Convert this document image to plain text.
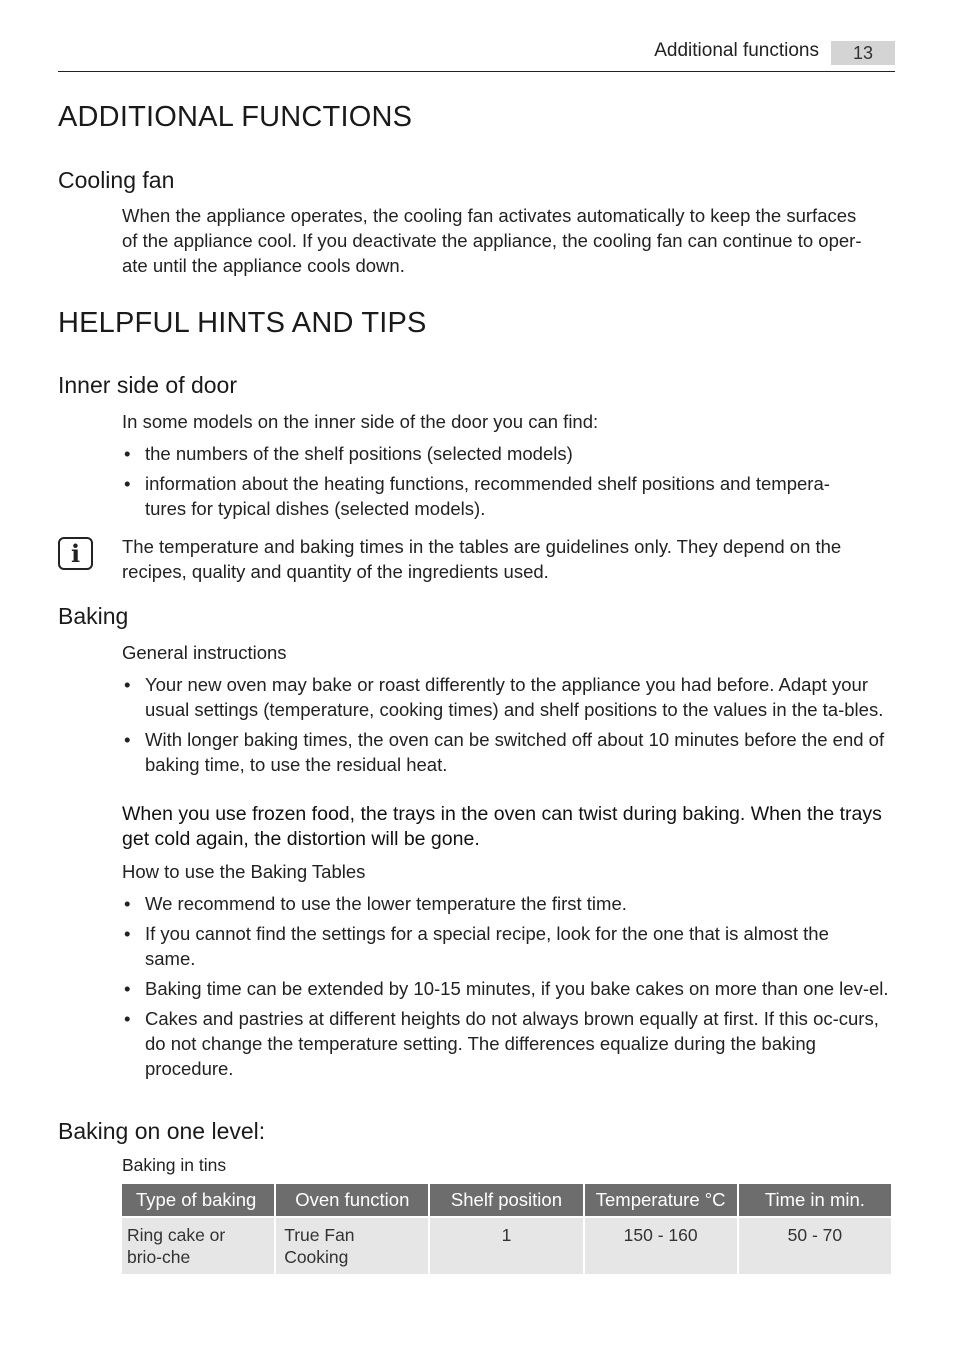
Additional functions	13
ADDITIONAL FUNCTIONS
Cooling fan
When the appliance operates, the cooling fan activates automatically to keep the surfaces
of the appliance cool. If you deactivate the appliance, the cooling fan can continue to oper-
ate until the appliance cools down.
HELPFUL HINTS AND TIPS
Inner side of door

In some models on the inner side of the door you can find:

• the numbers of the shelf positions (selected models)
• information about the heating functions, recommended shelf positions and tempera-tures for typical dishes (selected models).
i	The temperature and baking times in the tables are guidelines only. They depend on the recipes, quality and quantity of the ingredients used.

Baking

General instructions

• Your new oven may bake or roast differently to the appliance you had before. Adapt your usual settings (temperature, cooking times) and shelf positions to the values in the ta-bles.
• With longer baking times, the oven can be switched off about 10 minutes before the end of baking time, to use the residual heat.

When you use frozen food, the trays in the oven can twist during baking. When the trays get cold again, the distortion will be gone.

How to use the Baking Tables

• We recommend to use the lower temperature the first time.
• If you cannot find the settings for a special recipe, look for the one that is almost the same.
• Baking time can be extended by 10-15 minutes, if you bake cakes on more than one lev-el.
• Cakes and pastries at different heights do not always brown equally at first. If this oc-curs, do not change the temperature setting. The differences equalize during the baking procedure.
Baking on one level:

Baking in tins

Type of baking	Oven function	Shelf position	Temperature °C	Time in min.
Ring cake or brio-che	True Fan Cooking	1	150 - 160	50 - 70
